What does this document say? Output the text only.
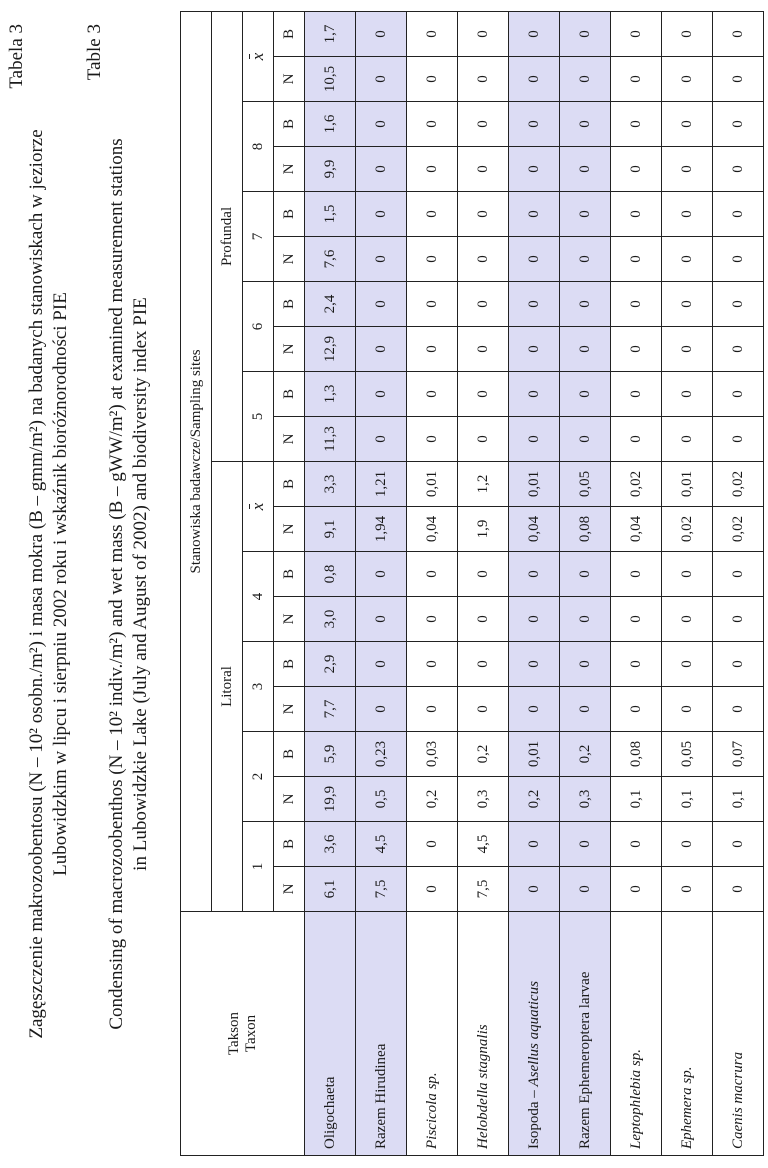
Tabela 3
Zagęszczenie makrozoobentosu (N – 10² osobn./m²) i masa mokra (B – gmm/m²) na badanych stanowiskach w jeziorze Lubowidzkim w lipcu i sierpniu 2002 roku i wskaźnik bioróżnorodności PIE
Table 3
Condensing of macrozoobenthos (N – 10² indiv./m²) and wet mass (B – gWW/m²) at examined measurement stations in Lubowidzkie Lake (July and August of 2002) and biodiversity index PIE
Takson Taxon	Stanowiska badawcze/Sampling sites																			
	Litoral										Profundal									
	1		2		3		4		x		5		6		7		8		x	
	N	B	N	B	N	B	N	B	N	B	N	B	N	B	N	B	N	B	N	B
Oligochaeta	6,1	3,6	19,9	5,9	7,7	2,9	3,0	0,8	9,1	3,3	11,3	1,3	12,9	2,4	7,6	1,5	9,9	1,6	10,5	1,7
Razem Hirudinea	7,5	4,5	0,5	0,23	0	0	0	0	1,94	1,21	0	0	0	0	0	0	0	0	0	0
Piscicola sp.	0	0	0,2	0,03	0	0	0	0	0,04	0,01	0	0	0	0	0	0	0	0	0	0
Helobdella stagnalis	7,5	4,5	0,3	0,2	0	0	0	0	1,9	1,2	0	0	0	0	0	0	0	0	0	0
Isopoda – Asellus aquaticus	0	0	0,2	0,01	0	0	0	0	0,04	0,01	0	0	0	0	0	0	0	0	0	0
Razem Ephemeroptera larvae	0	0	0,3	0,2	0	0	0	0	0,08	0,05	0	0	0	0	0	0	0	0	0	0
Leptophlebia sp.	0	0	0,1	0,08	0	0	0	0	0,04	0,02	0	0	0	0	0	0	0	0	0	0
Ephemera sp.	0	0	0,1	0,05	0	0	0	0	0,02	0,01	0	0	0	0	0	0	0	0	0	0
Caenis macrura	0	0	0,1	0,07	0	0	0	0	0,02	0,02	0	0	0	0	0	0	0	0	0	0
